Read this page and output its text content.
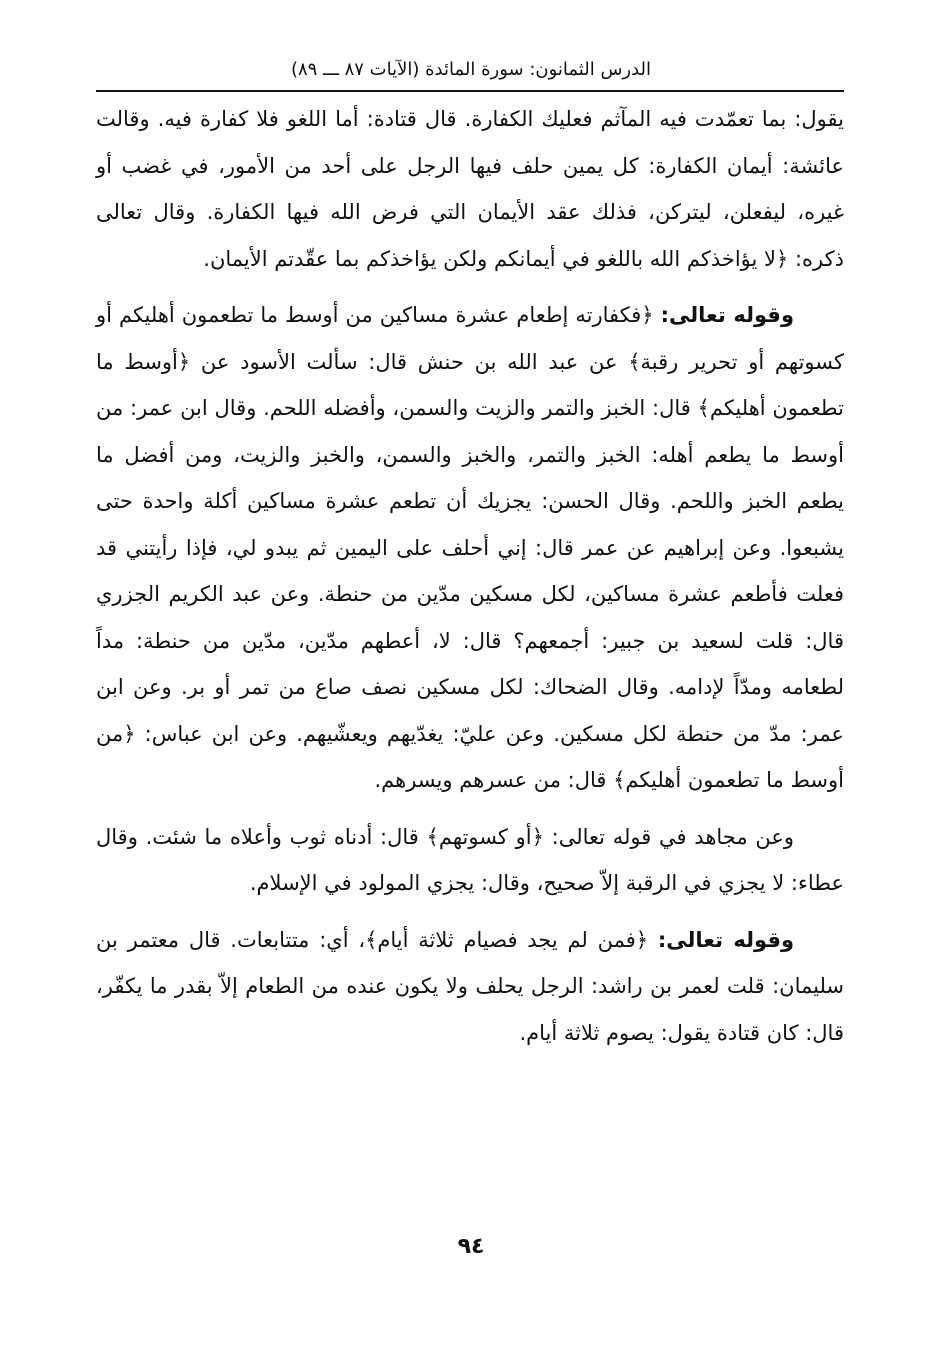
الدرس الثمانون: سورة المائدة (الآيات ٨٧ ـــ ٨٩)

يقول: بما تعمّدت فيه المآثم فعليك الكفارة. قال قتادة: أما اللغو فلا كفارة فيه. وقالت عائشة: أيمان الكفارة: كل يمين حلف فيها الرجل على أحد من الأمور، في غضب أو غيره، ليفعلن، ليتركن، فذلك عقد الأيمان التي فرض الله فيها الكفارة. وقال تعالى ذكره: ﴿لا يؤاخذكم الله باللغو في أيمانكم ولكن يؤاخذكم بما عقّدتم الأيمان.

وقوله تعالى: ﴿فكفارته إطعام عشرة مساكين من أوسط ما تطعمون أهليكم أو كسوتهم أو تحرير رقبة﴾ عن عبد الله بن حنش قال: سألت الأسود عن ﴿أوسط ما تطعمون أهليكم﴾ قال: الخبز والتمر والزيت والسمن، وأفضله اللحم. وقال ابن عمر: من أوسط ما يطعم أهله: الخبز والتمر، والخبز والسمن، والخبز والزيت، ومن أفضل ما يطعم الخبز واللحم. وقال الحسن: يجزيك أن تطعم عشرة مساكين أكلة واحدة حتى يشبعوا. وعن إبراهيم عن عمر قال: إني أحلف على اليمين ثم يبدو لي، فإذا رأيتني قد فعلت فأطعم عشرة مساكين، لكل مسكين مدّين من حنطة. وعن عبد الكريم الجزري قال: قلت لسعيد بن جبير: أجمعهم؟ قال: لا، أعطهم مدّين، مدّين من حنطة: مداً لطعامه ومدّاً لإدامه. وقال الضحاك: لكل مسكين نصف صاع من تمر أو بر. وعن ابن عمر: مدّ من حنطة لكل مسكين. وعن عليّ: يغدّيهم ويعشّيهم. وعن ابن عباس: ﴿من أوسط ما تطعمون أهليكم﴾ قال: من عسرهم ويسرهم.

وعن مجاهد في قوله تعالى: ﴿أو كسوتهم﴾ قال: أدناه ثوب وأعلاه ما شئت. وقال عطاء: لا يجزي في الرقبة إلاّ صحيح، وقال: يجزي المولود في الإسلام.

وقوله تعالى: ﴿فمن لم يجد فصيام ثلاثة أيام﴾، أي: متتابعات. قال معتمر بن سليمان: قلت لعمر بن راشد: الرجل يحلف ولا يكون عنده من الطعام إلاّ بقدر ما يكفّر، قال: كان قتادة يقول: يصوم ثلاثة أيام.

٩٤
